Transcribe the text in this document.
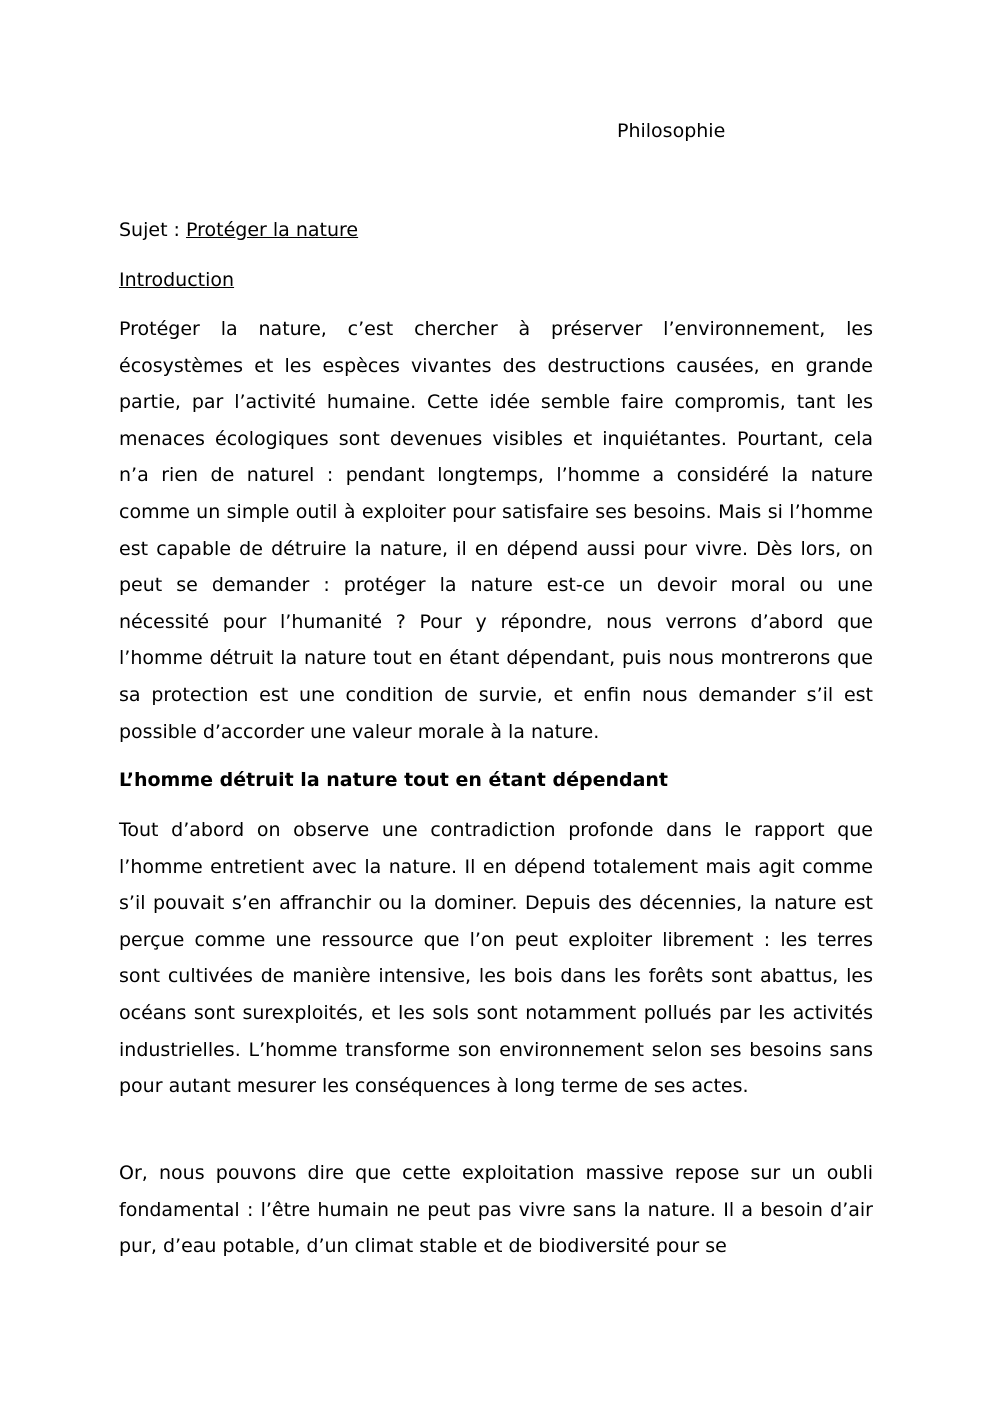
Philosophie
Sujet : Protéger la nature
Introduction

Protéger la nature, c’est chercher à préserver l’environnement, les écosystèmes et les espèces vivantes des destructions causées, en grande partie, par l’activité humaine. Cette idée semble faire compromis, tant les menaces écologiques sont devenues visibles et inquiétantes. Pourtant, cela n’a rien de naturel : pendant longtemps, l’homme a considéré la nature comme un simple outil à exploiter pour satisfaire ses besoins. Mais si l’homme est capable de détruire la nature, il en dépend aussi pour vivre. Dès lors, on peut se demander : protéger la nature est-ce un devoir moral ou une nécessité pour l’humanité ? Pour y répondre, nous verrons d’abord que l’homme détruit la nature tout en étant dépendant, puis nous montrerons que sa protection est une condition de survie, et enfin nous demander s’il est possible d’accorder une valeur morale à la nature.

L’homme détruit la nature tout en étant dépendant

Tout d’abord on observe une contradiction profonde dans le rapport que l’homme entretient avec la nature. Il en dépend totalement mais agit comme s’il pouvait s’en affranchir ou la dominer. Depuis des décennies, la nature est perçue comme une ressource que l’on peut exploiter librement : les terres sont cultivées de manière intensive, les bois dans les forêts sont abattus, les océans sont surexploités, et les sols sont notamment pollués par les activités industrielles. L’homme transforme son environnement selon ses besoins sans pour autant mesurer les conséquences à long terme de ses actes.

Or, nous pouvons dire que cette exploitation massive repose sur un oubli fondamental : l’être humain ne peut pas vivre sans la nature. Il a besoin d’air pur, d’eau potable, d’un climat stable et de biodiversité pour se
